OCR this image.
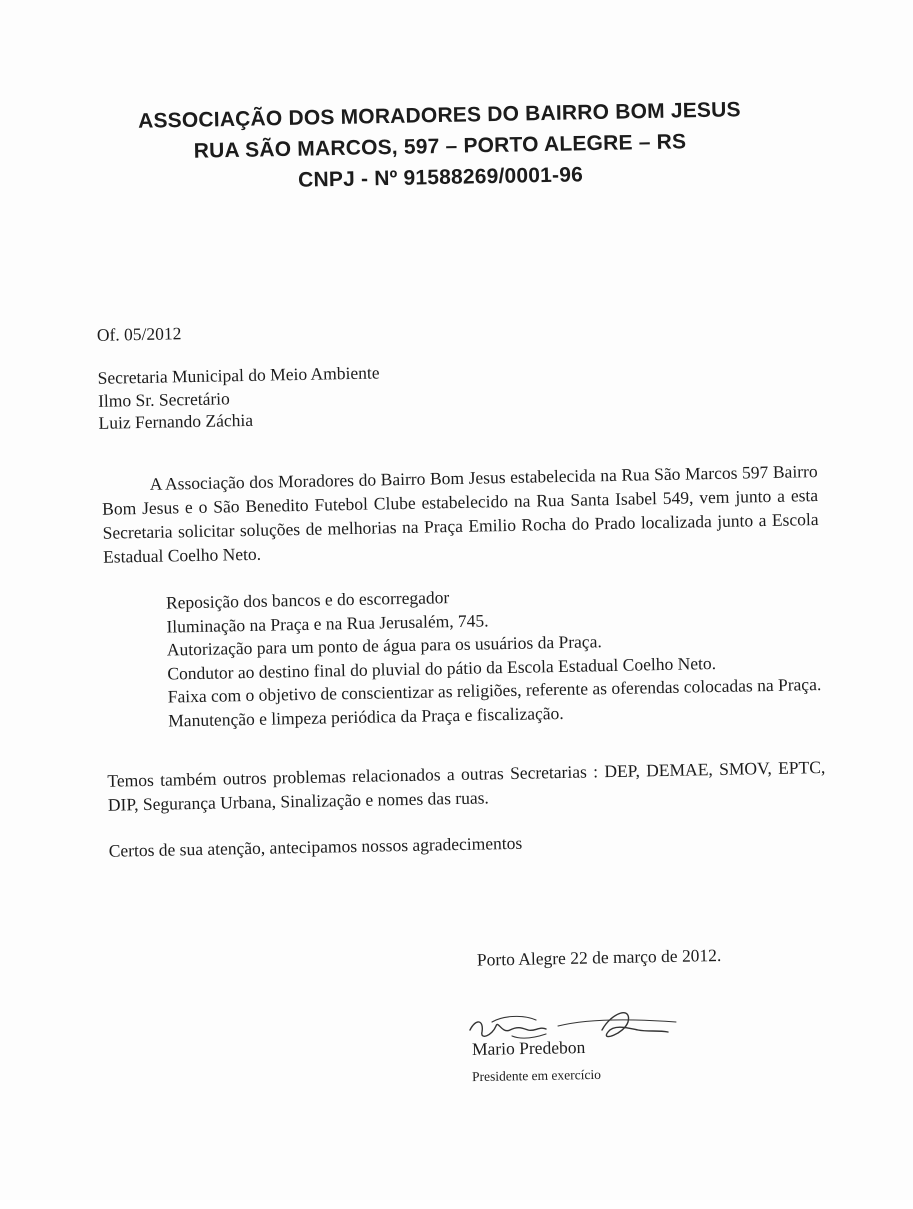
ASSOCIAÇÃO DOS MORADORES DO BAIRRO BOM JESUS
RUA SÃO MARCOS, 597 – PORTO ALEGRE – RS
CNPJ - Nº 91588269/0001-96
Of. 05/2012
Secretaria Municipal do Meio Ambiente
Ilmo Sr. Secretário
Luiz Fernando Záchia
A Associação dos Moradores do Bairro Bom Jesus estabelecida na Rua São Marcos 597 Bairro Bom Jesus e o São Benedito Futebol Clube estabelecido na Rua Santa Isabel 549, vem junto a esta Secretaria solicitar soluções de melhorias na Praça Emilio Rocha do Prado localizada junto a Escola Estadual Coelho Neto.
Reposição dos bancos e do escorregador
Iluminação na Praça e na Rua Jerusalém, 745.
Autorização para um ponto de água para os usuários da Praça.
Condutor ao destino final do pluvial do pátio da Escola Estadual Coelho Neto.
Faixa com o objetivo de conscientizar as religiões, referente as oferendas colocadas na Praça.
Manutenção e limpeza periódica da Praça e fiscalização.
Temos também outros problemas relacionados a outras Secretarias : DEP, DEMAE, SMOV, EPTC, DIP, Segurança Urbana, Sinalização e nomes das ruas.
Certos de sua atenção, antecipamos nossos agradecimentos
Porto Alegre 22 de março de 2012.
Mario Predebon
Presidente em exercício
